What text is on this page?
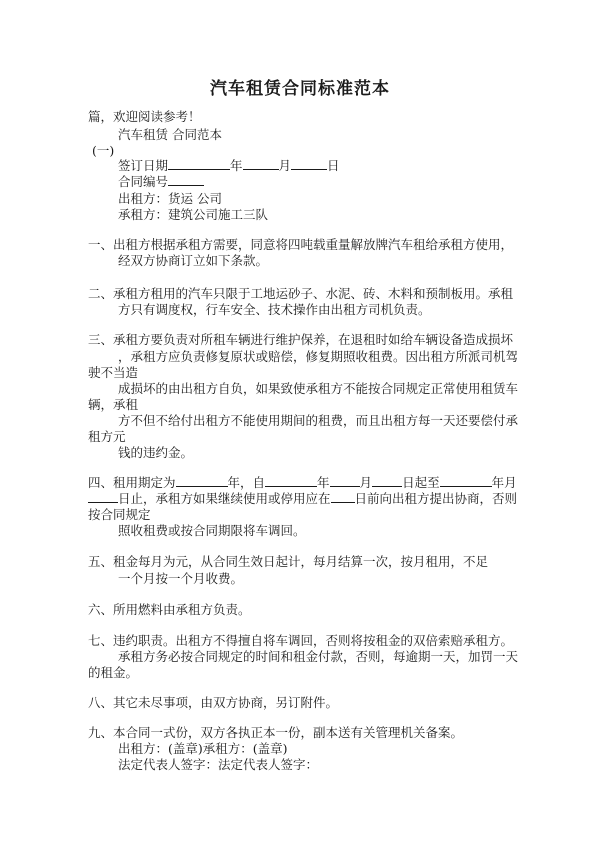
汽车租赁合同标准范本
篇，欢迎阅读参考！
汽车租赁 合同范本
(一)
签订日期	年	月	日
合同编号
出租方：货运 公司
承租方：建筑公司施工三队
一、出租方根据承租方需要，同意将四吨载重量解放牌汽车租给承租方使用，
经双方协商订立如下条款。
二、承租方租用的汽车只限于工地运砂子、水泥、砖、木料和预制板用。承租
方只有调度权，行车安全、技术操作由出租方司机负责。
三、承租方要负责对所租车辆进行维护保养，在退租时如给车辆设备造成损坏
，承租方应负责修复原状或赔偿，修复期照收租费。因出租方所派司机驾
驶不当造
成损坏的由出租方自负，如果致使承租方不能按合同规定正常使用租赁车
辆，承租
方不但不给付出租方不能使用期间的租费，而且出租方每一天还要偿付承
租方元
钱的违约金。
四、租用期定为	年，自	年 月 日起至	年月
日止，承租方如果继续使用或停用应在 日前向出租方提出协商，否则
按合同规定
照收租费或按合同期限将车调回。
五、租金每月为元，从合同生效日起计，每月结算一次，按月租用，不足
一个月按一个月收费。
六、所用燃料由承租方负责。
七、违约职责。出租方不得擅自将车调回，否则将按租金的双倍索赔承租方。
承租方务必按合同规定的时间和租金付款，否则，每逾期一天，加罚一天
的租金。
八、其它未尽事项，由双方协商，另订附件。
九、本合同一式份，双方各执正本一份，副本送有关管理机关备案。
出租方：(盖章)承租方：(盖章)
法定代表人签字：法定代表人签字：
